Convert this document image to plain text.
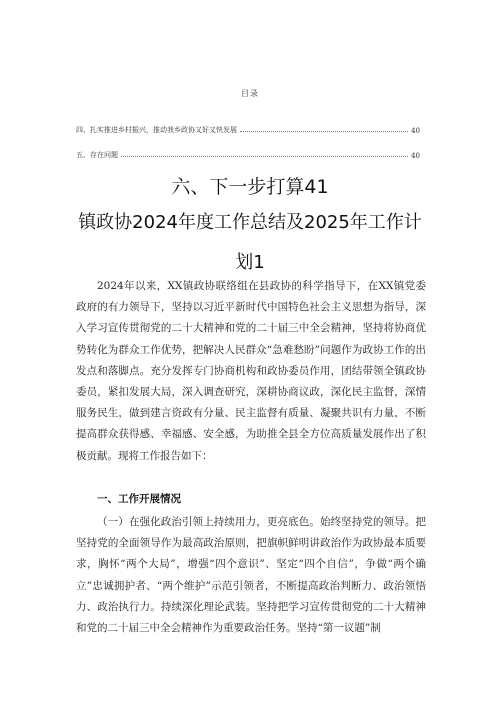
目录
四、扎实推进乡村振兴，推动我乡政协又好又快发展	40
五、存在问题	40
六、下一步打算41
镇政协2024年度工作总结及2025年工作计
划1

2024年以来，XX镇政协联络组在县政协的科学指导下，在XX镇党委政府的有力领导下，坚持以习近平新时代中国特色社会主义思想为指导，深入学习宣传贯彻党的二十大精神和党的二十届三中全会精神，坚持将协商优势转化为群众工作优势，把解决人民群众“急难愁盼”问题作为政协工作的出发点和落脚点。充分发挥专门协商机构和政协委员作用，团结带领全镇政协委员，紧扣发展大局，深入调查研究，深耕协商议政，深化民主监督，深情服务民生，做到建言资政有分量、民主监督有质量、凝聚共识有力量，不断提高群众获得感、幸福感、安全感，为助推全县全方位高质量发展作出了积极贡献。现将工作报告如下：

一、工作开展情况

（一）在强化政治引领上持续用力，更亮底色。始终坚持党的领导。把坚持党的全面领导作为最高政治原则，把旗帜鲜明讲政治作为政协最本质要求，胸怀“两个大局”，增强“四个意识”、坚定“四个自信”，争做“两个确立”忠诚拥护者、“两个维护”示范引领者，不断提高政治判断力、政治领悟力、政治执行力。持续深化理论武装。坚持把学习宣传贯彻党的二十大精神和党的二十届三中全会精神作为重要政治任务。坚持“第一议题”制
